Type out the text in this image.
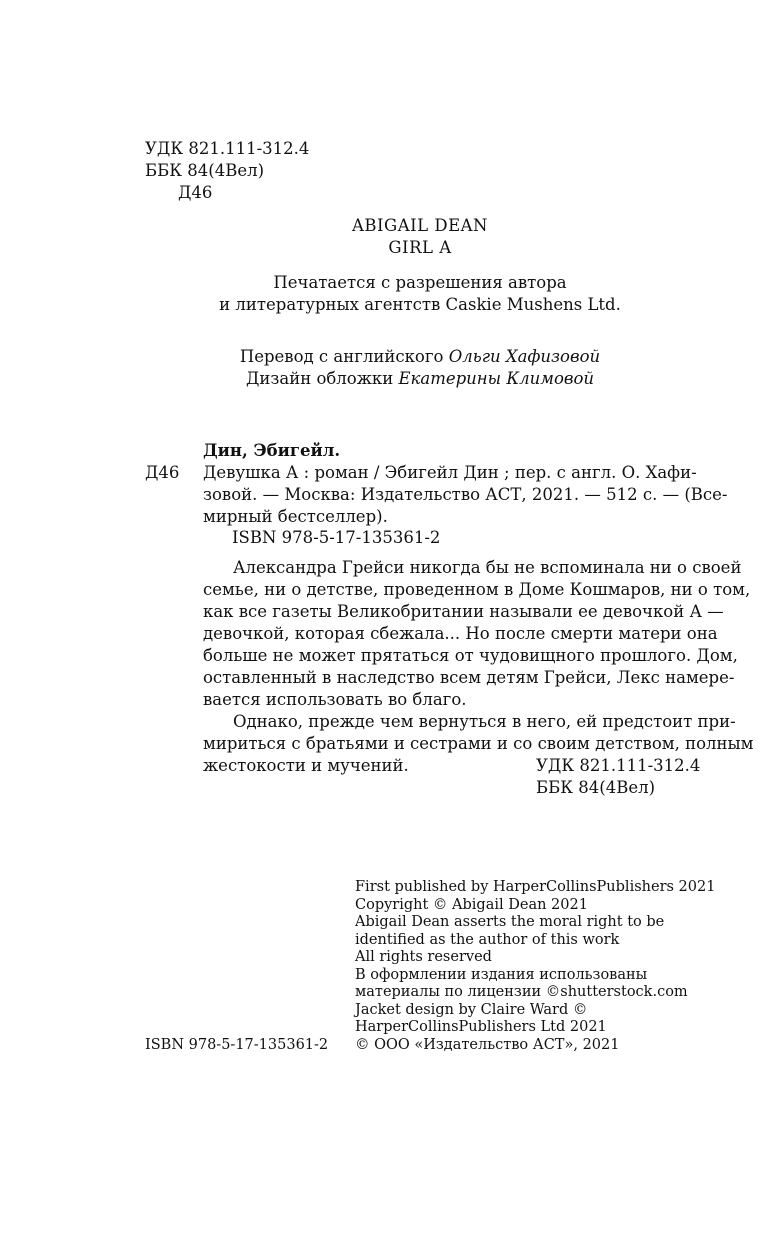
УДК 821.111-312.4
ББК 84(4Вел)
Д46
ABIGAIL DEAN
GIRL A
Печатается с разрешения автора
и литературных агентств Caskie Mushens Ltd.
Перевод с английского Ольги Хафизовой
Дизайн обложки Екатерины Климовой
Дин, Эбигейл.
Д46 Девушка А : роман / Эбигейл Дин ; пер. с англ. О. Хафи-
зовой. — Москва: Издательство АСТ, 2021. — 512 с. — (Все-
мирный бестселлер).
ISBN 978-5-17-135361-2
Александра Грейси никогда бы не вспоминала ни о своей
семье, ни о детстве, проведенном в Доме Кошмаров, ни о том,
как все газеты Великобритании называли ее девочкой А —
девочкой, которая сбежала... Но после смерти матери она
больше не может прятаться от чудовищного прошлого. Дом,
оставленный в наследство всем детям Грейси, Лекс намере-
вается использовать во благо.
Однако, прежде чем вернуться в него, ей предстоит при-
мириться с братьями и сестрами и со своим детством, полным
жестокости и мучений.	УДК 821.111-312.4
ББК 84(4Вел)
First published by HarperCollinsPublishers 2021
Copyright © Abigail Dean 2021
Abigail Dean asserts the moral right to be
identified as the author of this work
All rights reserved
В оформлении издания использованы
материалы по лицензии ©shutterstock.com
Jacket design by Claire Ward ©
HarperCollinsPublishers Ltd 2021
© ООО «Издательство АСТ», 2021
ISBN 978-5-17-135361-2
